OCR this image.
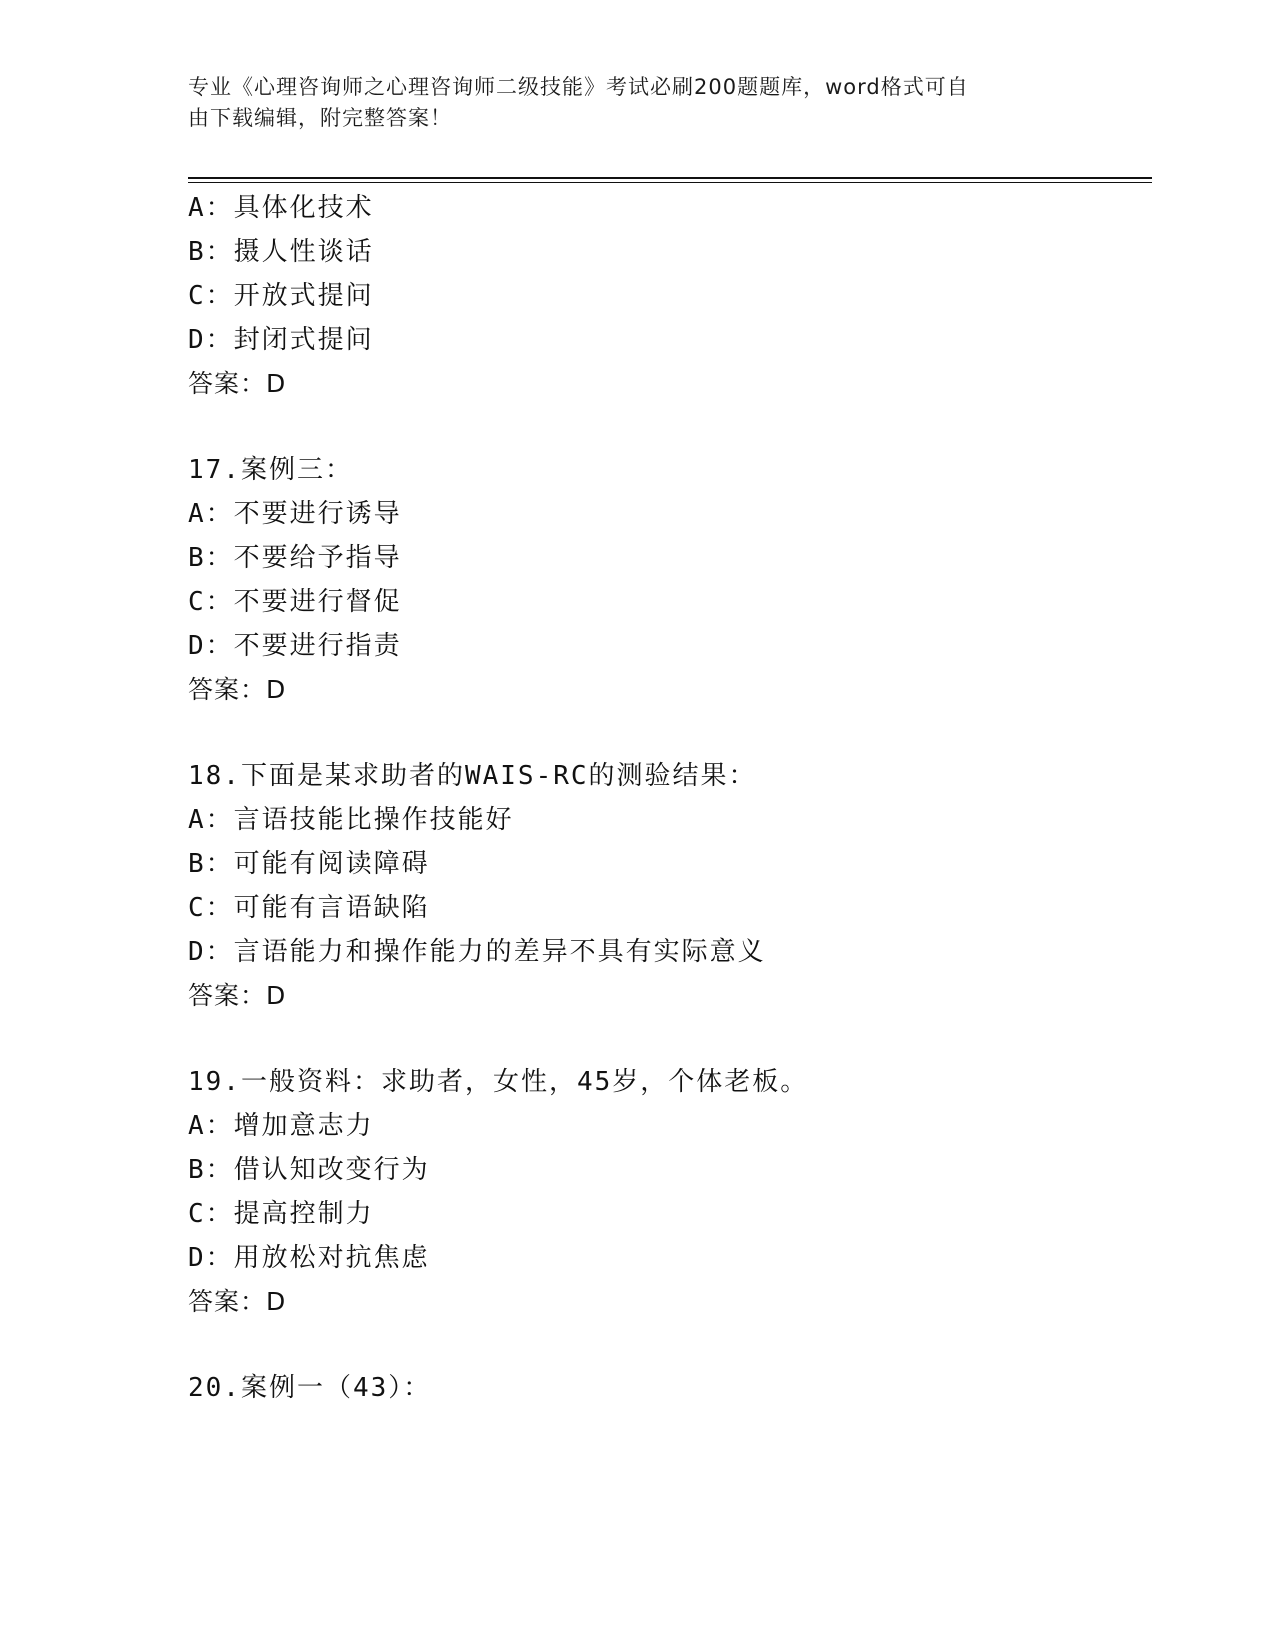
专业《心理咨询师之心理咨询师二级技能》考试必刷200题题库，word格式可自
由下载编辑，附完整答案！
A：具体化技术
B：摄人性谈话
C：开放式提问
D：封闭式提问
答案：D
17.案例三：
A：不要进行诱导
B：不要给予指导
C：不要进行督促
D：不要进行指责
答案：D
18.下面是某求助者的WAIS-RC的测验结果：
A：言语技能比操作技能好
B：可能有阅读障碍
C：可能有言语缺陷
D：言语能力和操作能力的差异不具有实际意义
答案：D
19.一般资料：求助者，女性，45岁，个体老板。
A：增加意志力
B：借认知改变行为
C：提高控制力
D：用放松对抗焦虑
答案：D
20.案例一（43）：
